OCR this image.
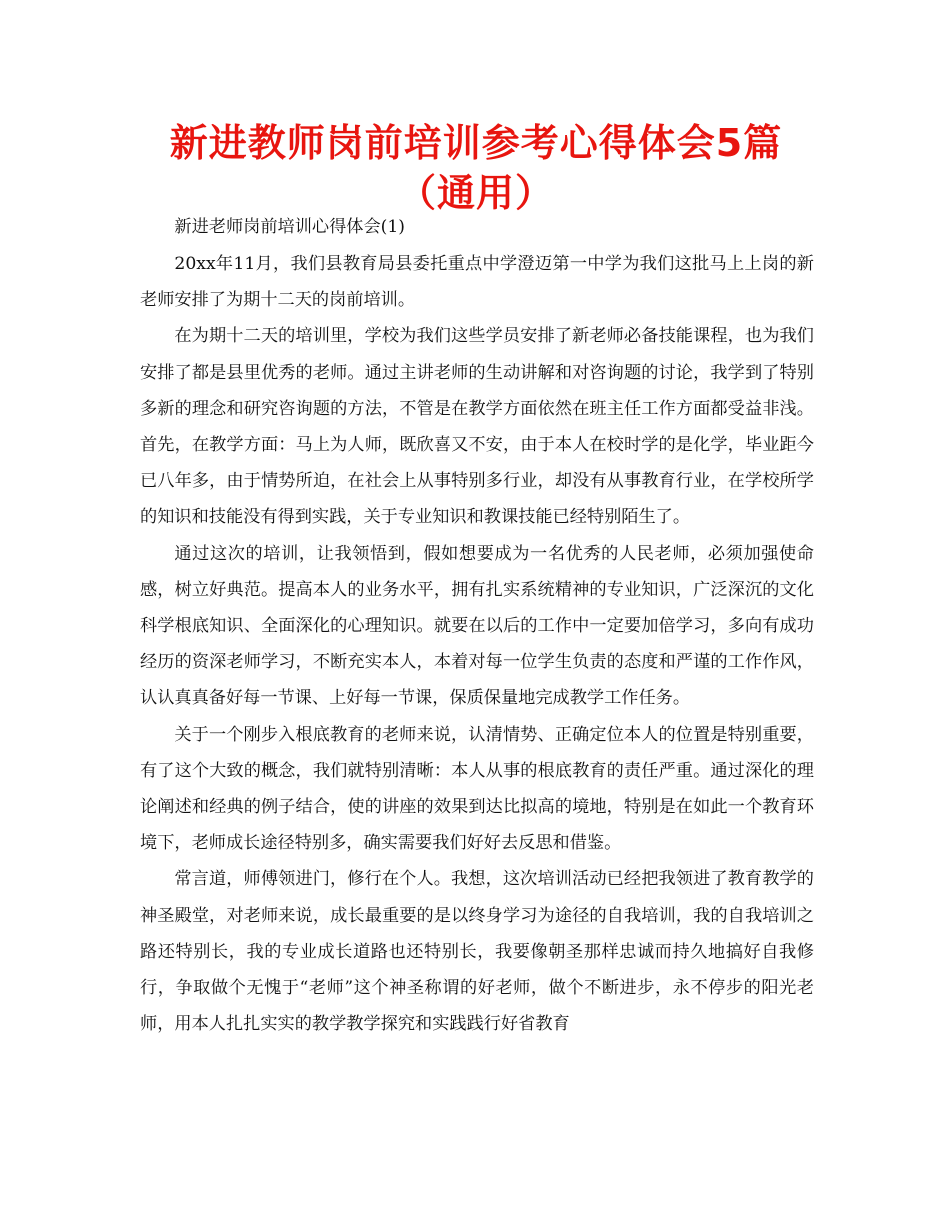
新进教师岗前培训参考心得体会5篇（通用）

新进老师岗前培训心得体会(1)

20xx年11月，我们县教育局县委托重点中学澄迈第一中学为我们这批马上上岗的新老师安排了为期十二天的岗前培训。

在为期十二天的培训里，学校为我们这些学员安排了新老师必备技能课程，也为我们安排了都是县里优秀的老师。通过主讲老师的生动讲解和对咨询题的讨论，我学到了特别多新的理念和研究咨询题的方法，不管是在教学方面依然在班主任工作方面都受益非浅。首先，在教学方面：马上为人师，既欣喜又不安，由于本人在校时学的是化学，毕业距今已八年多，由于情势所迫，在社会上从事特别多行业，却没有从事教育行业，在学校所学的知识和技能没有得到实践，关于专业知识和教课技能已经特别陌生了。

通过这次的培训，让我领悟到，假如想要成为一名优秀的人民老师，必须加强使命感，树立好典范。提高本人的业务水平，拥有扎实系统精神的专业知识，广泛深沉的文化科学根底知识、全面深化的心理知识。就要在以后的工作中一定要加倍学习，多向有成功经历的资深老师学习，不断充实本人，本着对每一位学生负责的态度和严谨的工作作风，认认真真备好每一节课、上好每一节课，保质保量地完成教学工作任务。

关于一个刚步入根底教育的老师来说，认清情势、正确定位本人的位置是特别重要，有了这个大致的概念，我们就特别清晰：本人从事的根底教育的责任严重。通过深化的理论阐述和经典的例子结合，使的讲座的效果到达比拟高的境地，特别是在如此一个教育环境下，老师成长途径特别多，确实需要我们好好去反思和借鉴。

常言道，师傅领进门，修行在个人。我想，这次培训活动已经把我领进了教育教学的神圣殿堂，对老师来说，成长最重要的是以终身学习为途径的自我培训，我的自我培训之路还特别长，我的专业成长道路也还特别长，我要像朝圣那样忠诚而持久地搞好自我修行，争取做个无愧于“老师”这个神圣称谓的好老师，做个不断进步，永不停步的阳光老师，用本人扎扎实实的教学教学探究和实践践行好省教育
